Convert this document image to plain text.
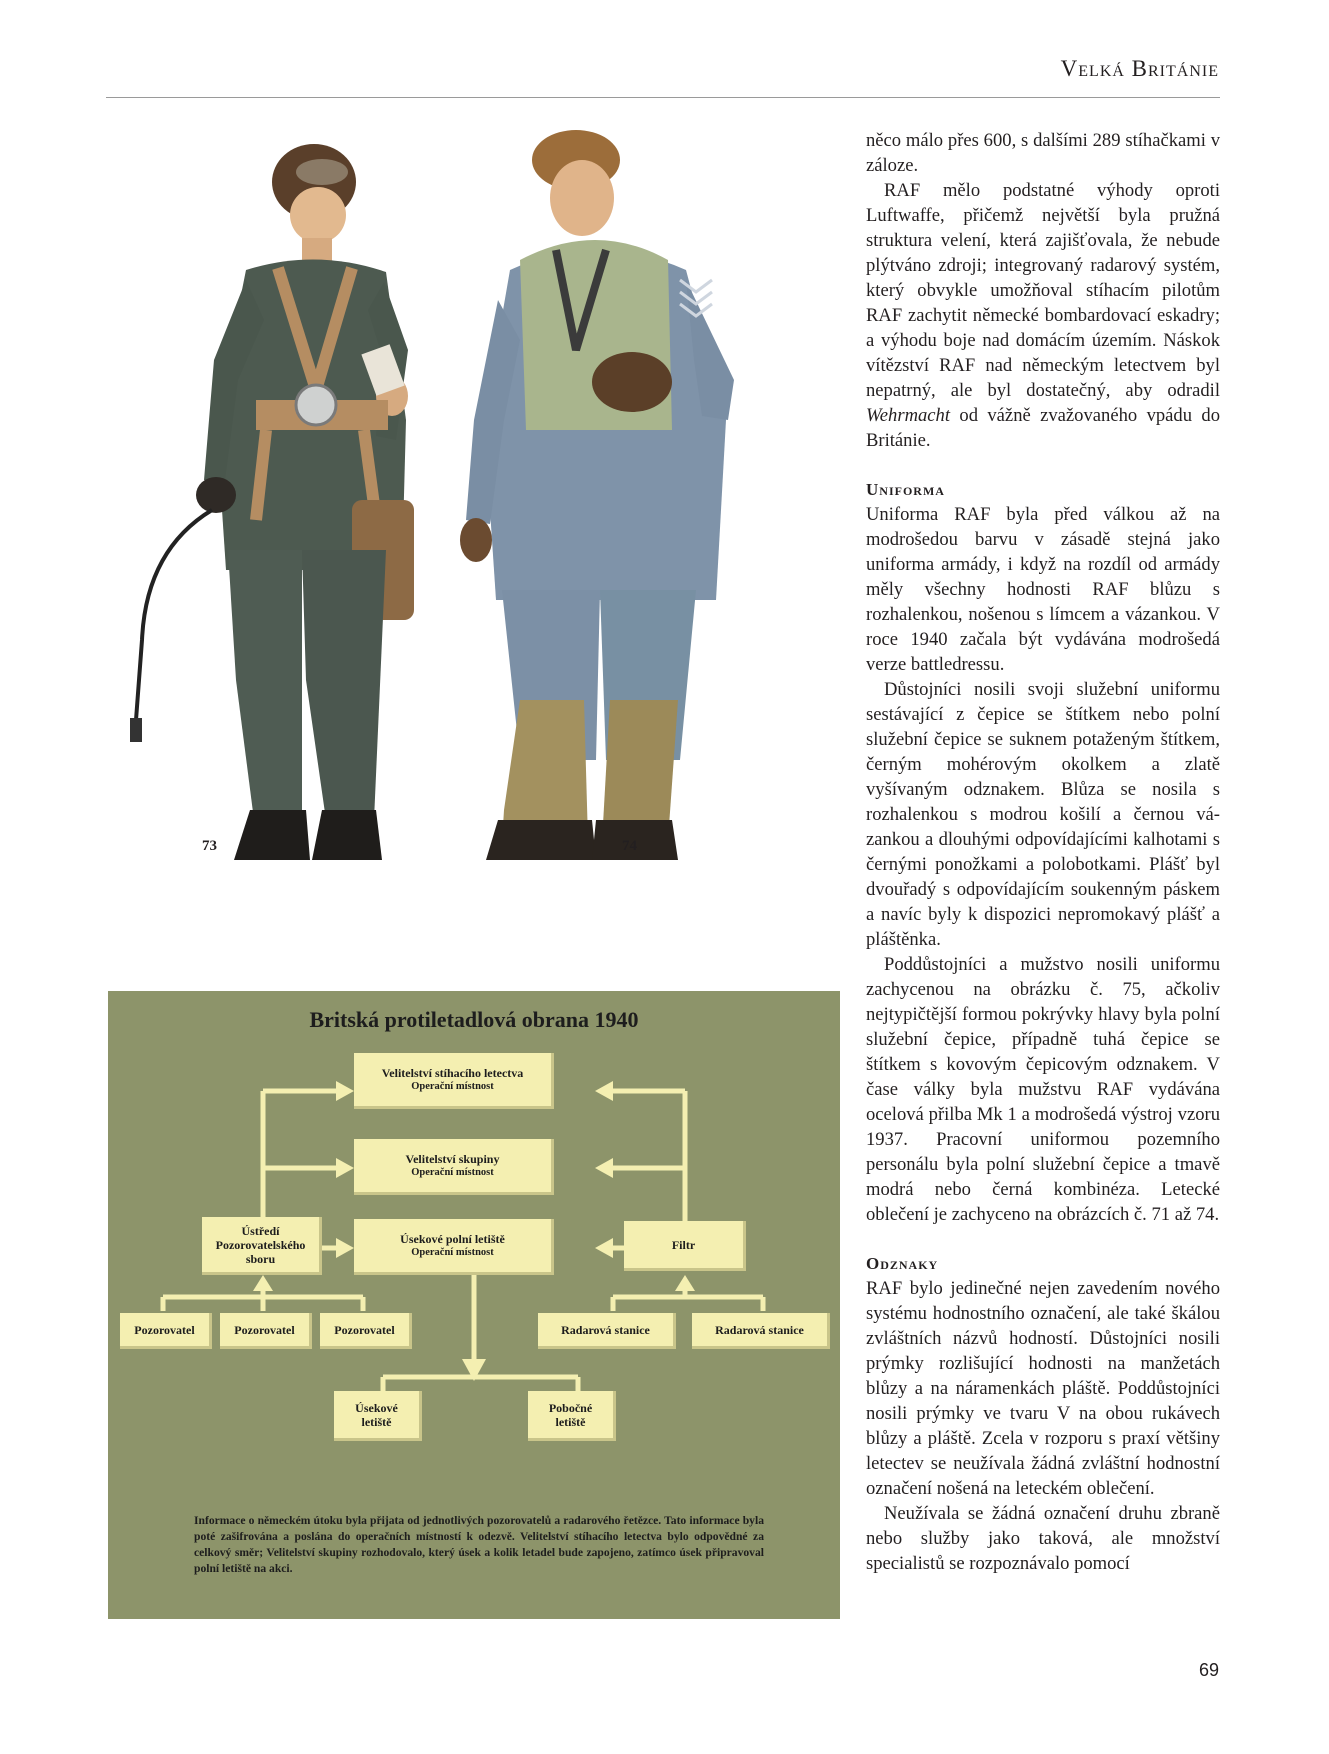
Velká Británie
73	74

něco málo přes 600, s dalšími 289 stíhačkami v záloze.

RAF mělo podstatné výhody oproti Luftwaffe, přičemž největší byla pružná struktura velení, která zajišťovala, že nebude plýtváno zdroji; integrovaný radarový systém, který obvykle umožňoval stíhacím pilotům RAF zachytit německé bombardovací eskadry; a výhodu boje nad domácím územím. Náskok vítězství RAF nad německým letectvem byl nepatrný, ale byl dostatečný, aby odradil Wehrmacht od vážně zvažovaného vpádu do Británie.

Uniforma

Uniforma RAF byla před válkou až na modrošedou barvu v zásadě stejná jako uniforma armády, i když na rozdíl od armády měly všechny hodnosti RAF blůzu s rozhalenkou, nošenou s límcem a vázankou. V roce 1940 začala být vydávána modrošedá verze battledressu.

Důstojníci nosili svoji služební uniformu sestávající z čepice se štítkem nebo polní služební čepice se suknem potaženým štítkem, černým mohérovým okolkem a zlatě vyšívaným odznakem. Blůza se nosila s rozhalenkou s modrou košilí a černou vázankou a dlouhými odpovídajícími kalhotami s černými ponožkami a polobotkami. Plášť byl dvouřadý s odpovídajícím soukenným páskem a navíc byly k dispozici nepromokavý plášť a pláštěnka.

Poddůstojníci a mužstvo nosili uniformu zachycenou na obrázku č. 75, ačkoliv nejtypičtější formou pokrývky hlavy byla polní služební čepice, případně tuhá čepice se štítkem s kovovým čepicovým odznakem. V čase války byla mužstvu RAF vydávána ocelová přilba Mk 1 a modrošedá výstroj vzoru 1937. Pracovní uniformou pozemního personálu byla polní služební čepice a tmavě modrá nebo černá kombinéza. Letecké oblečení je zachyceno na obrázcích č. 71 až 74.

Odznaky

RAF bylo jedinečné nejen zavedením nového systému hodnostního označení, ale také škálou zvláštních názvů hodností. Důstojníci nosili prýmky rozlišující hodnosti na manžetách blůzy a na náramenkách pláště. Poddůstojníci nosili prýmky ve tvaru V na obou rukávech blůzy a pláště. Zcela v rozporu s praxí většiny letectev se neužívala žádná zvláštní hodnostní označení nošená na leteckém oblečení.

Neužívala se žádná označení druhu zbraně nebo služby jako taková, ale množství specialistů se rozpoznávalo pomocí

Britská protiletadlová obrana 1940
Velitelství stíhacího letectva
Operační místnost
Velitelství skupiny
Operační místnost
Úsekové polní letiště
Operační místnost
Ústředí Pozorovatelského sboru
Filtr
Pozorovatel	Pozorovatel	Pozorovatel	Radarová stanice	Radarová stanice
Úsekové letiště
Pobočné letiště
Informace o německém útoku byla přijata od jednotlivých pozorovatelů a radarového řetězce. Tato informace byla poté zašifrována a poslána do operačních místností k odezvě. Velitelství stíhacího letectva bylo odpovědné za celkový směr; Velitelství skupiny rozhodovalo, který úsek a kolik letadel bude zapojeno, zatímco úsek připravoval polní letiště na akci.
69
